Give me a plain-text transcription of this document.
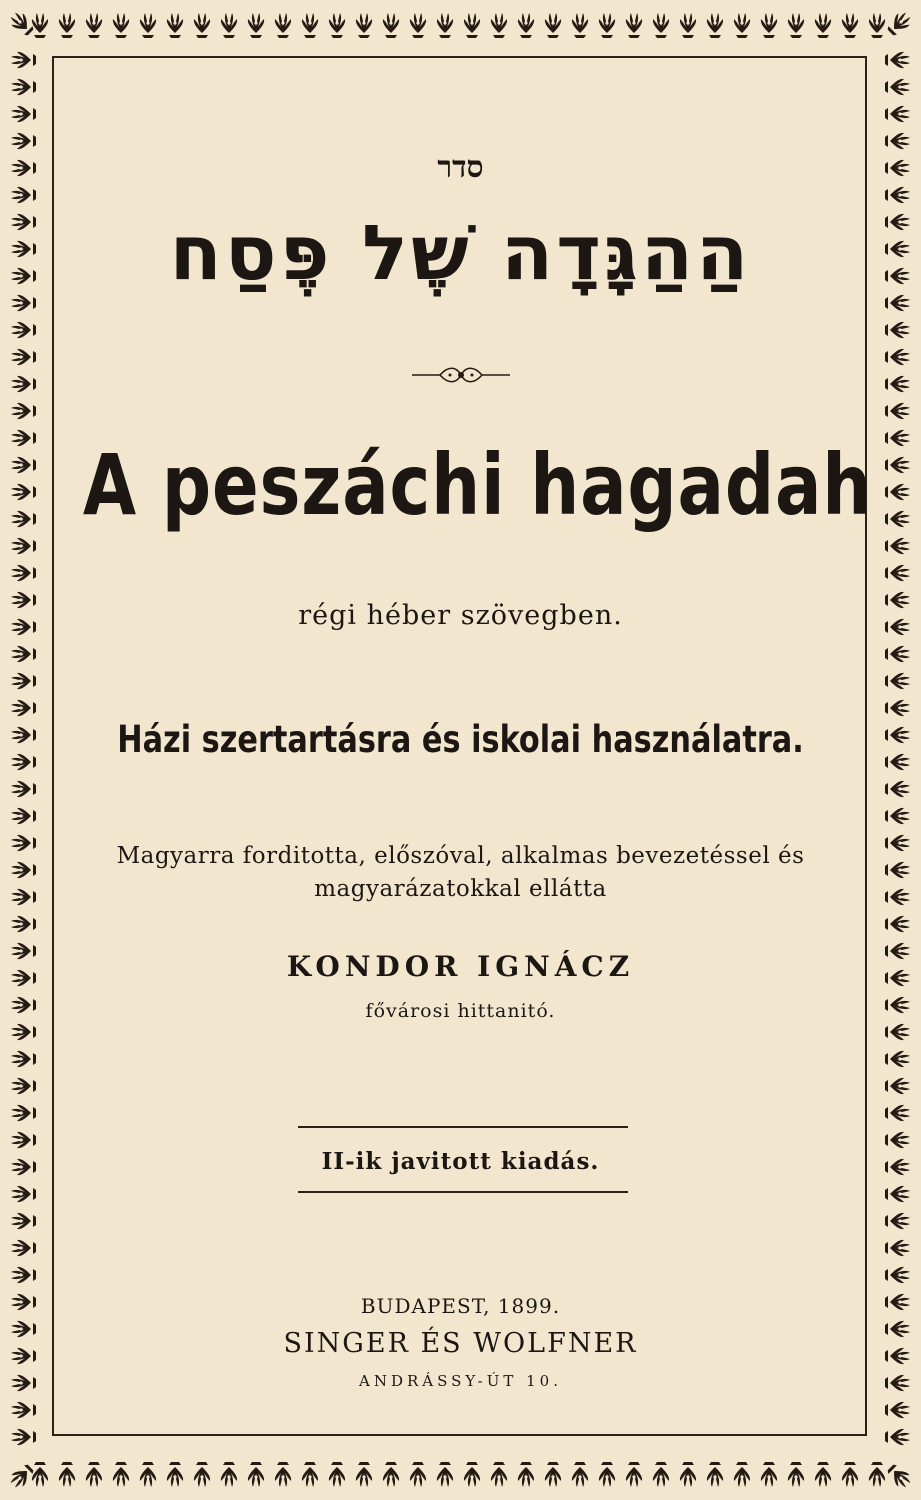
סדר
הַהַגָּדָה שֶׁל פֶּסַח
A peszáchi hagadah
régi héber szövegben.
Házi szertartásra és iskolai használatra.
Magyarra forditotta, előszóval, alkalmas bevezetéssel és
magyarázatokkal ellátta
KONDOR IGNÁCZ
fővárosi hittanitó.
II-ik javitott kiadás.
BUDAPEST, 1899.
SINGER ÉS WOLFNER
ANDRÁSSY-ÚT 10.
